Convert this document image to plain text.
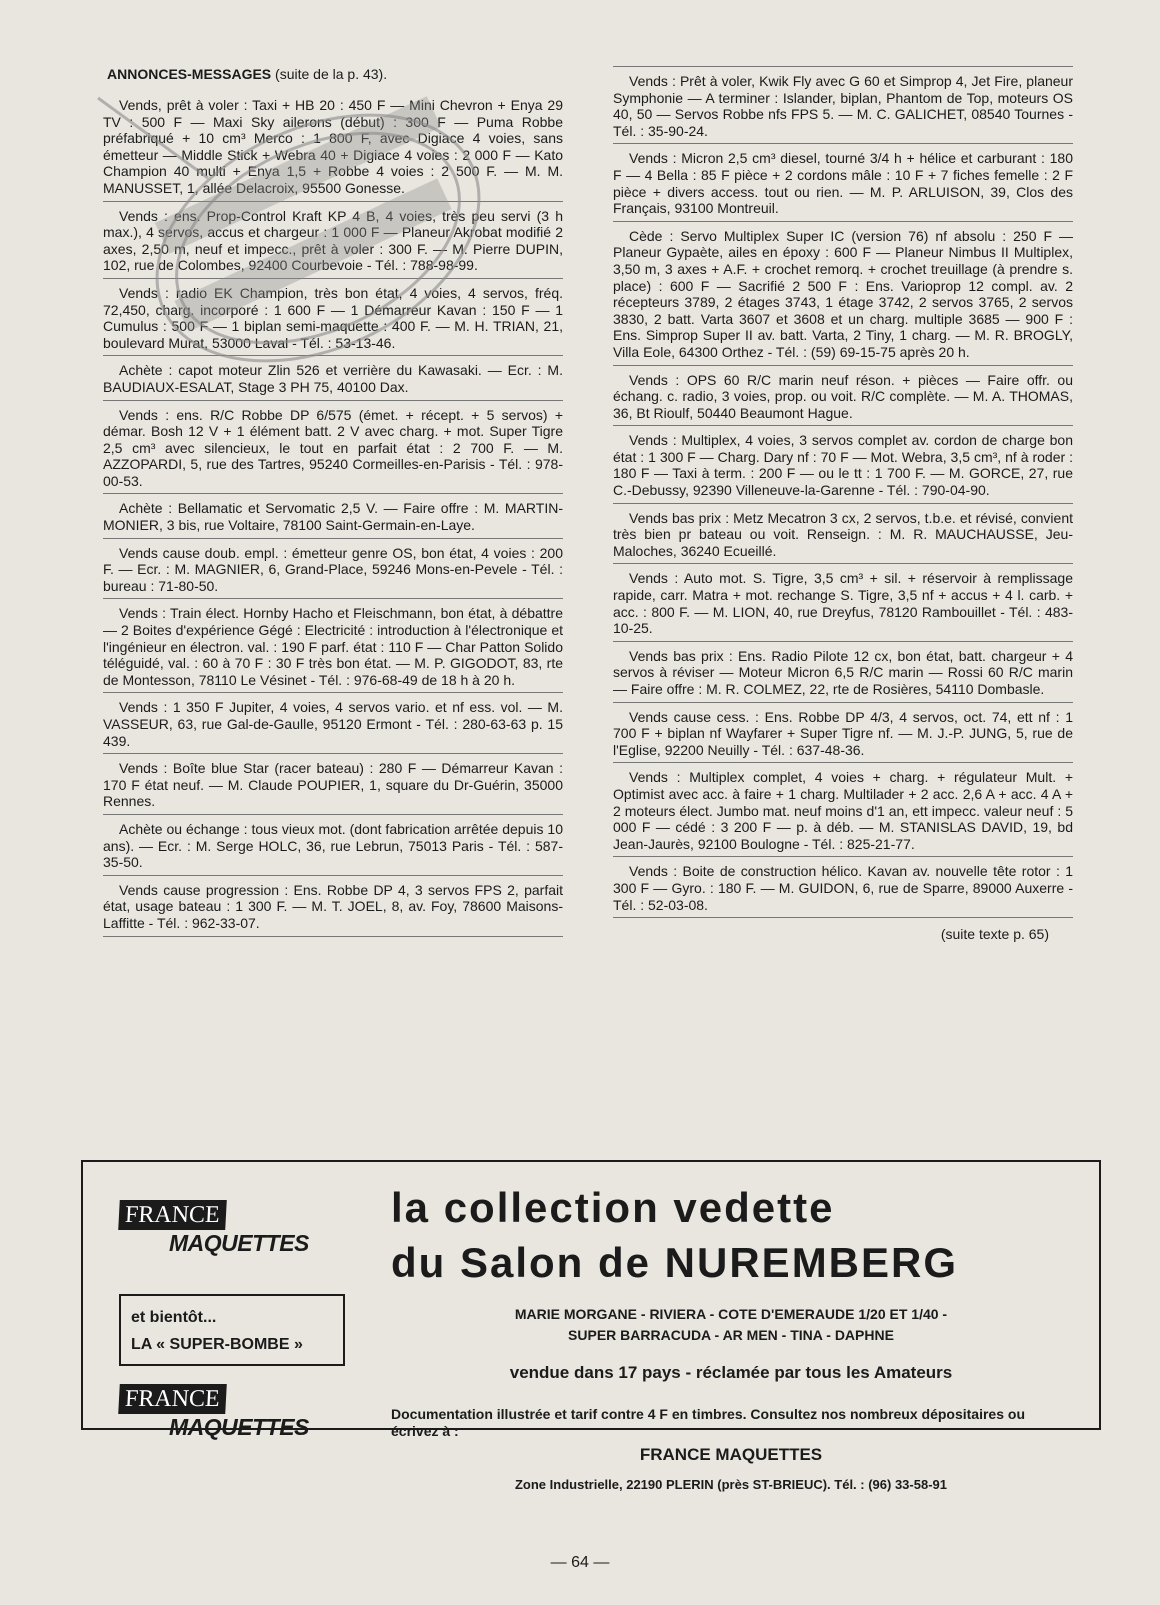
ANNONCES-MESSAGES (suite de la p. 43).

Vends, prêt à voler : Taxi + HB 20 : 450 F — Mini Chevron + Enya 29 TV : 500 F — Maxi Sky ailerons (début) : 300 F — Puma Robbe préfabriqué + 10 cm³ Merco : 1 800 F, avec Digiace 4 voies, sans émetteur — Middle Stick + Webra 40 + Digiace 4 voies : 2 000 F — Kato Champion 40 multi + Enya 1,5 + Robbe 4 voies : 2 500 F. — M. M. MANUSSET, 1, allée Delacroix, 95500 Gonesse.

Vends : ens. Prop-Control Kraft KP 4 B, 4 voies, très peu servi (3 h max.), 4 servos, accus et chargeur : 1 000 F — Planeur Akrobat modifié 2 axes, 2,50 m, neuf et impecc., prêt à voler : 300 F. — M. Pierre DUPIN, 102, rue de Colombes, 92400 Courbevoie - Tél. : 788-98-99.

Vends : radio EK Champion, très bon état, 4 voies, 4 servos, fréq. 72,450, charg. incorporé : 1 600 F — 1 Démarreur Kavan : 150 F — 1 Cumulus : 500 F — 1 biplan semi-maquette : 400 F. — M. H. TRIAN, 21, boulevard Murat, 53000 Laval - Tél. : 53-13-46.

Achète : capot moteur Zlin 526 et verrière du Kawasaki. — Ecr. : M. BAUDIAUX-ESALAT, Stage 3 PH 75, 40100 Dax.

Vends : ens. R/C Robbe DP 6/575 (émet. + récept. + 5 servos) + démar. Bosh 12 V + 1 élément batt. 2 V avec charg. + mot. Super Tigre 2,5 cm³ avec silencieux, le tout en parfait état : 2 700 F. — M. AZZOPARDI, 5, rue des Tartres, 95240 Cormeilles-en-Parisis - Tél. : 978-00-53.

Achète : Bellamatic et Servomatic 2,5 V. — Faire offre : M. MARTIN-MONIER, 3 bis, rue Voltaire, 78100 Saint-Germain-en-Laye.

Vends cause doub. empl. : émetteur genre OS, bon état, 4 voies : 200 F. — Ecr. : M. MAGNIER, 6, Grand-Place, 59246 Mons-en-Pevele - Tél. : bureau : 71-80-50.

Vends : Train élect. Hornby Hacho et Fleischmann, bon état, à débattre — 2 Boites d'expérience Gégé : Electricité : introduction à l'électronique et l'ingénieur en électron. val. : 190 F parf. état : 110 F — Char Patton Solido téléguidé, val. : 60 à 70 F : 30 F très bon état. — M. P. GIGODOT, 83, rte de Montesson, 78110 Le Vésinet - Tél. : 976-68-49 de 18 h à 20 h.

Vends : 1 350 F Jupiter, 4 voies, 4 servos vario. et nf ess. vol. — M. VASSEUR, 63, rue Gal-de-Gaulle, 95120 Ermont - Tél. : 280-63-63 p. 15 439.

Vends : Boîte blue Star (racer bateau) : 280 F — Démarreur Kavan : 170 F état neuf. — M. Claude POUPIER, 1, square du Dr-Guérin, 35000 Rennes.

Achète ou échange : tous vieux mot. (dont fabrication arrêtée depuis 10 ans). — Ecr. : M. Serge HOLC, 36, rue Lebrun, 75013 Paris - Tél. : 587-35-50.

Vends cause progression : Ens. Robbe DP 4, 3 servos FPS 2, parfait état, usage bateau : 1 300 F. — M. T. JOEL, 8, av. Foy, 78600 Maisons-Laffitte - Tél. : 962-33-07.

Vends : Prêt à voler, Kwik Fly avec G 60 et Simprop 4, Jet Fire, planeur Symphonie — A terminer : Islander, biplan, Phantom de Top, moteurs OS 40, 50 — Servos Robbe nfs FPS 5. — M. C. GALICHET, 08540 Tournes - Tél. : 35-90-24.

Vends : Micron 2,5 cm³ diesel, tourné 3/4 h + hélice et carburant : 180 F — 4 Bella : 85 F pièce + 2 cordons mâle : 10 F + 7 fiches femelle : 2 F pièce + divers access. tout ou rien. — M. P. ARLUISON, 39, Clos des Français, 93100 Montreuil.

Cède : Servo Multiplex Super IC (version 76) nf absolu : 250 F — Planeur Gypaète, ailes en époxy : 600 F — Planeur Nimbus II Multiplex, 3,50 m, 3 axes + A.F. + crochet remorq. + crochet treuillage (à prendre s. place) : 600 F — Sacrifié 2 500 F : Ens. Varioprop 12 compl. av. 2 récepteurs 3789, 2 étages 3743, 1 étage 3742, 2 servos 3765, 2 servos 3830, 2 batt. Varta 3607 et 3608 et un charg. multiple 3685 — 900 F : Ens. Simprop Super II av. batt. Varta, 2 Tiny, 1 charg. — M. R. BROGLY, Villa Eole, 64300 Orthez - Tél. : (59) 69-15-75 après 20 h.

Vends : OPS 60 R/C marin neuf réson. + pièces — Faire offr. ou échang. c. radio, 3 voies, prop. ou voit. R/C complète. — M. A. THOMAS, 36, Bt Rioulf, 50440 Beaumont Hague.

Vends : Multiplex, 4 voies, 3 servos complet av. cordon de charge bon état : 1 300 F — Charg. Dary nf : 70 F — Mot. Webra, 3,5 cm³, nf à roder : 180 F — Taxi à term. : 200 F — ou le tt : 1 700 F. — M. GORCE, 27, rue C.-Debussy, 92390 Villeneuve-la-Garenne - Tél. : 790-04-90.

Vends bas prix : Metz Mecatron 3 cx, 2 servos, t.b.e. et révisé, convient très bien pr bateau ou voit. Renseign. : M. R. MAUCHAUSSE, Jeu-Maloches, 36240 Ecueillé.

Vends : Auto mot. S. Tigre, 3,5 cm³ + sil. + réservoir à remplissage rapide, carr. Matra + mot. rechange S. Tigre, 3,5 nf + accus + 4 l. carb. + acc. : 800 F. — M. LION, 40, rue Dreyfus, 78120 Rambouillet - Tél. : 483-10-25.

Vends bas prix : Ens. Radio Pilote 12 cx, bon état, batt. chargeur + 4 servos à réviser — Moteur Micron 6,5 R/C marin — Rossi 60 R/C marin — Faire offre : M. R. COLMEZ, 22, rte de Rosières, 54110 Dombasle.

Vends cause cess. : Ens. Robbe DP 4/3, 4 servos, oct. 74, ett nf : 1 700 F + biplan nf Wayfarer + Super Tigre nf. — M. J.-P. JUNG, 5, rue de l'Eglise, 92200 Neuilly - Tél. : 637-48-36.

Vends : Multiplex complet, 4 voies + charg. + régulateur Mult. + Optimist avec acc. à faire + 1 charg. Multilader + 2 acc. 2,6 A + acc. 4 A + 2 moteurs élect. Jumbo mat. neuf moins d'1 an, ett impecc. valeur neuf : 5 000 F — cédé : 3 200 F — p. à déb. — M. STANISLAS DAVID, 19, bd Jean-Jaurès, 92100 Boulogne - Tél. : 825-21-77.

Vends : Boite de construction hélico. Kavan av. nouvelle tête rotor : 1 300 F — Gyro. : 180 F. — M. GUIDON, 6, rue de Sparre, 89000 Auxerre - Tél. : 52-03-08.

(suite texte p. 65)
FRANCE
MAQUETTES
et bientôt...
LA « SUPER-BOMBE »
FRANCE
MAQUETTES
la collection vedette
du Salon de NUREMBERG
MARIE MORGANE - RIVIERA - COTE D'EMERAUDE 1/20 ET 1/40 -
SUPER BARRACUDA - AR MEN - TINA - DAPHNE
vendue dans 17 pays - réclamée par tous les Amateurs
Documentation illustrée et tarif contre 4 F en timbres. Consultez nos nombreux dépositaires ou écrivez à :
FRANCE MAQUETTES
Zone Industrielle, 22190 PLERIN (près ST-BRIEUC). Tél. : (96) 33-58-91
— 64 —
